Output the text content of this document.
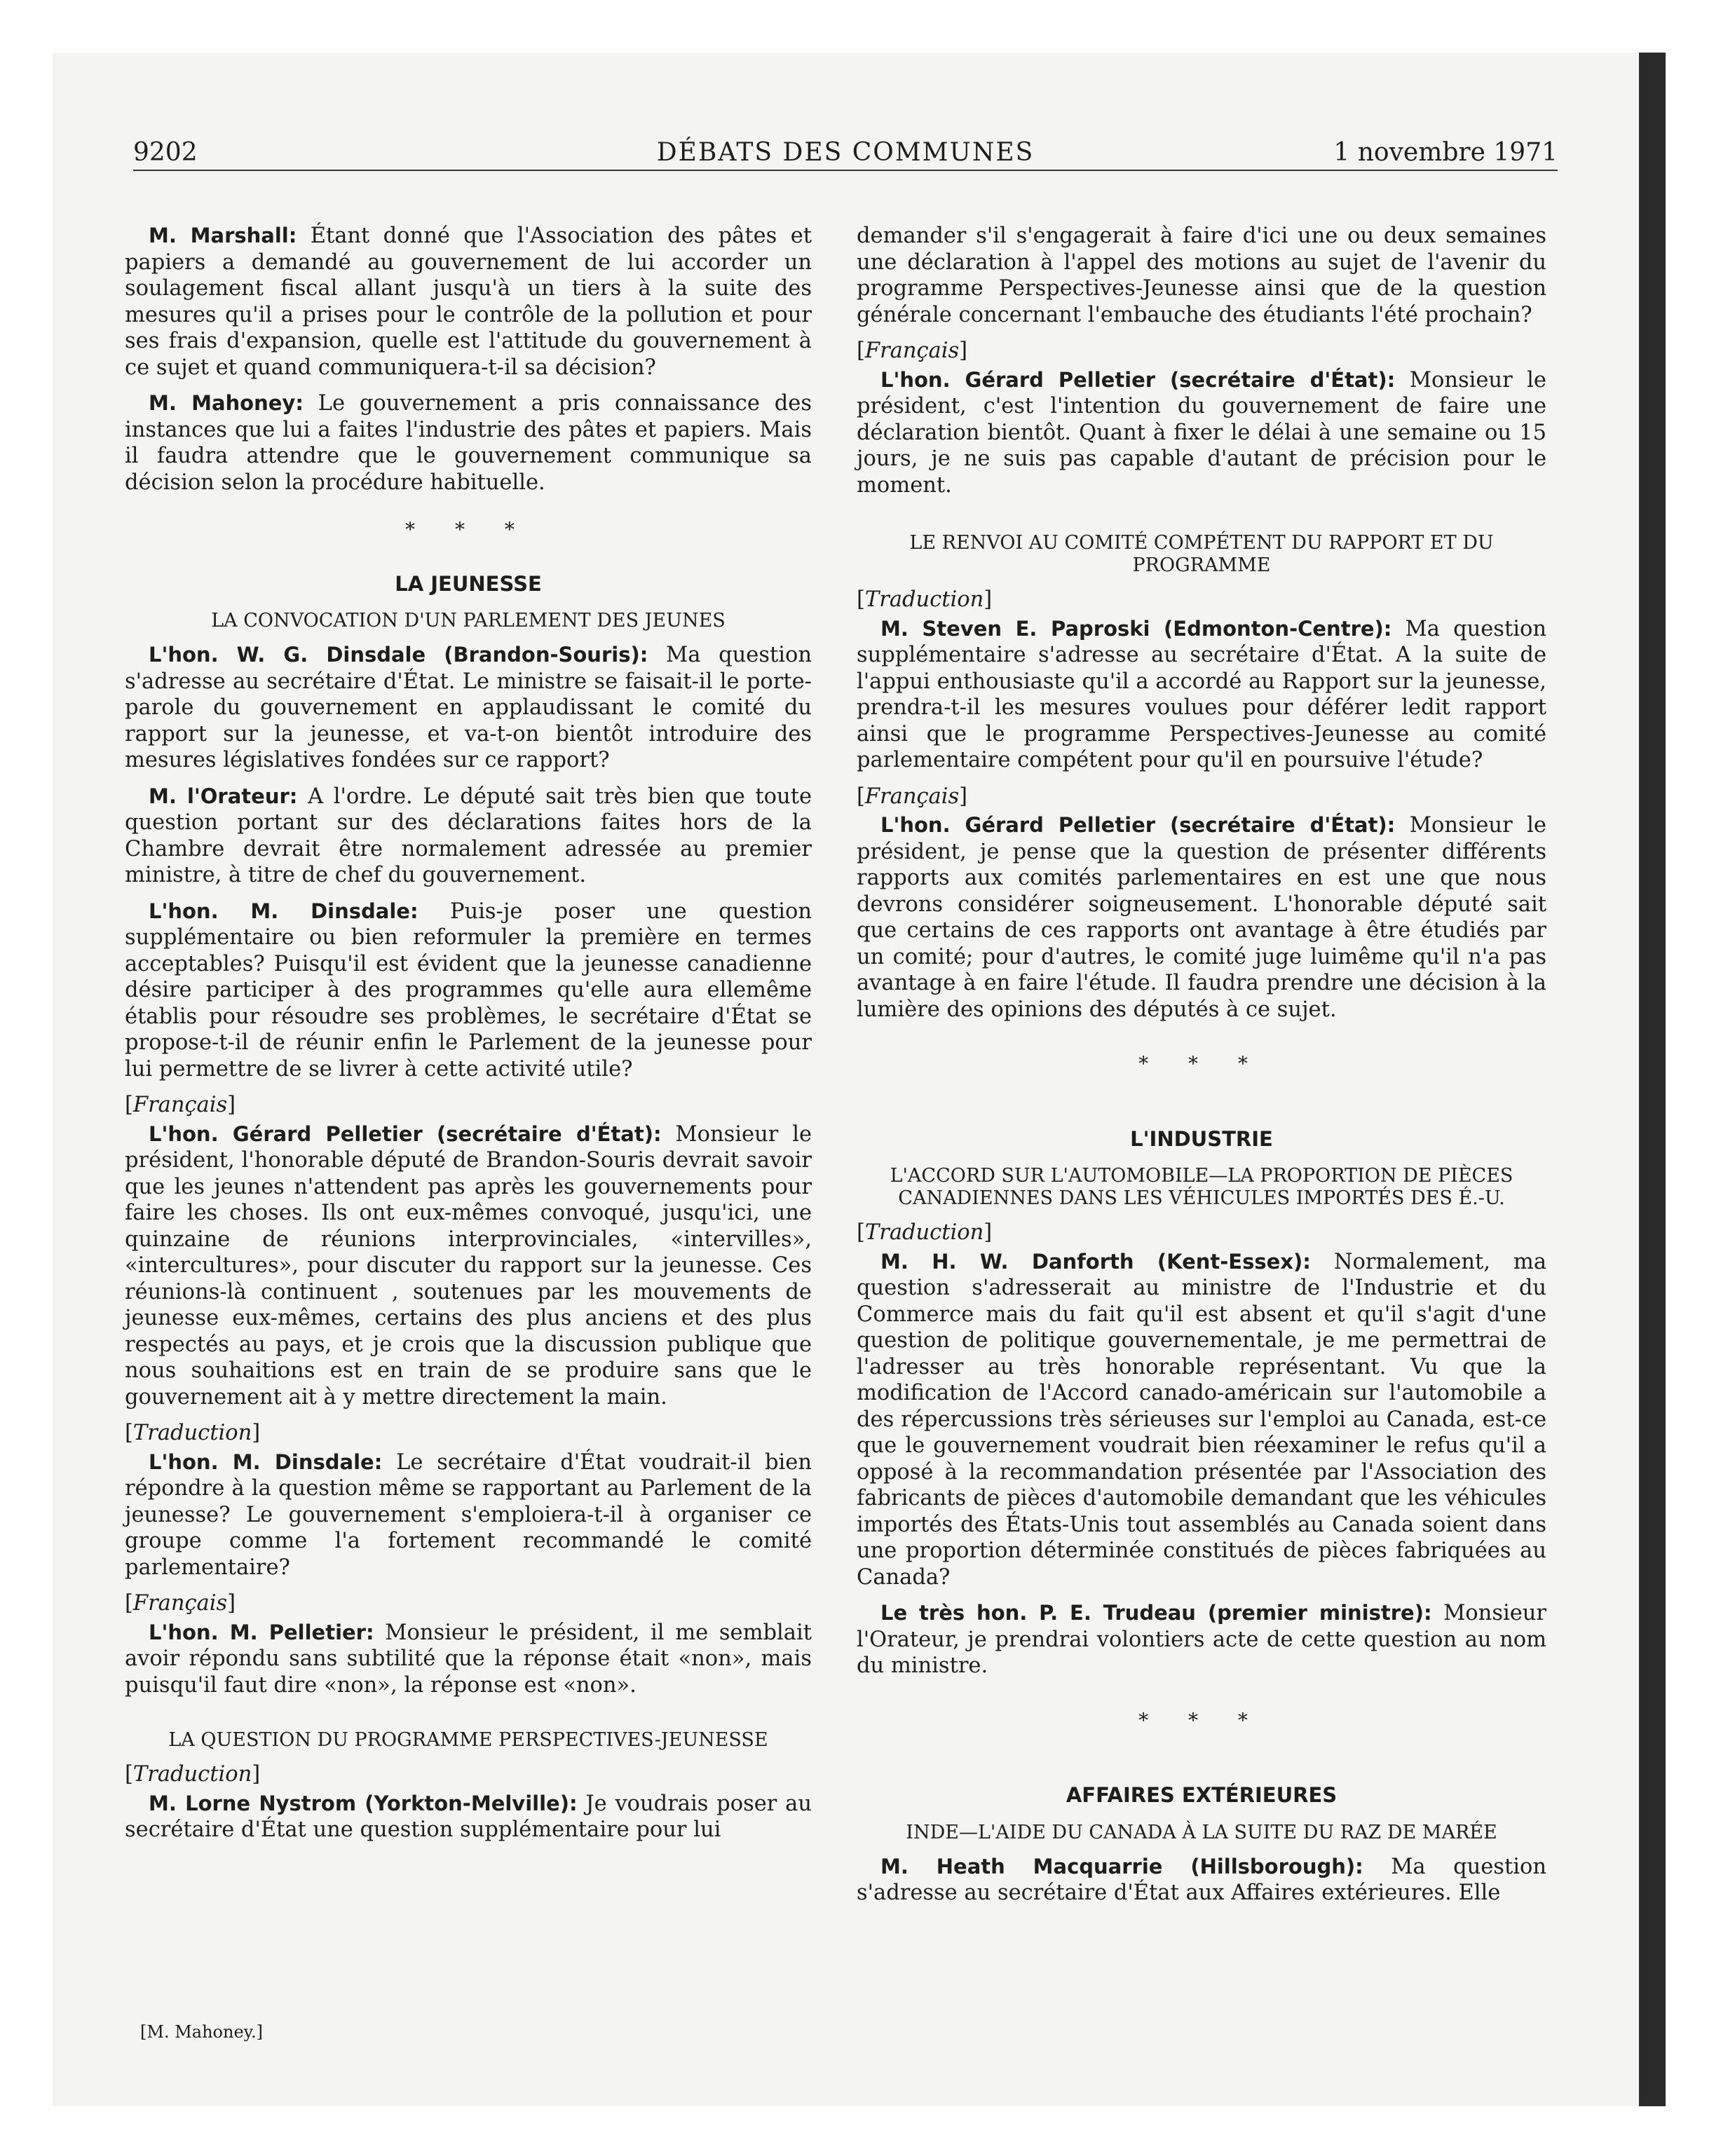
9202	DÉBATS DES COMMUNES	1 novembre 1971

M. Marshall: Étant donné que l'Association des pâtes et papiers a demandé au gouvernement de lui accorder un soulagement fiscal allant jusqu'à un tiers à la suite des mesures qu'il a prises pour le contrôle de la pollution et pour ses frais d'expansion, quelle est l'attitude du gouvernement à ce sujet et quand communiquera-t-il sa décision?

M. Mahoney: Le gouvernement a pris connaissance des instances que lui a faites l'industrie des pâtes et papiers. Mais il faudra attendre que le gouvernement communique sa décision selon la procédure habituelle.

* * *
LA JEUNESSE
LA CONVOCATION D'UN PARLEMENT DES JEUNES

L'hon. W. G. Dinsdale (Brandon-Souris): Ma question s'adresse au secrétaire d'État. Le ministre se faisait-il le porte-parole du gouvernement en applaudissant le comité du rapport sur la jeunesse, et va-t-on bientôt introduire des mesures législatives fondées sur ce rapport?

M. l'Orateur: A l'ordre. Le député sait très bien que toute question portant sur des déclarations faites hors de la Chambre devrait être normalement adressée au premier ministre, à titre de chef du gouvernement.

L'hon. M. Dinsdale: Puis-je poser une question supplémentaire ou bien reformuler la première en termes acceptables? Puisqu'il est évident que la jeunesse canadienne désire participer à des programmes qu'elle aura ellemême établis pour résoudre ses problèmes, le secrétaire d'État se propose-t-il de réunir enfin le Parlement de la jeunesse pour lui permettre de se livrer à cette activité utile?

[ Français ]

L'hon. Gérard Pelletier (secrétaire d'État): Monsieur le président, l'honorable député de Brandon-Souris devrait savoir que les jeunes n'attendent pas après les gouvernements pour faire les choses. Ils ont eux-mêmes convoqué, jusqu'ici, une quinzaine de réunions interprovinciales, «intervilles», «intercultures», pour discuter du rapport sur la jeunesse. Ces réunions-là continuent , soutenues par les mouvements de jeunesse eux-mêmes, certains des plus anciens et des plus respectés au pays, et je crois que la discussion publique que nous souhaitions est en train de se produire sans que le gouvernement ait à y mettre directement la main.

[ Traduction ]

L'hon. M. Dinsdale: Le secrétaire d'État voudrait-il bien répondre à la question même se rapportant au Parlement de la jeunesse? Le gouvernement s'emploiera-t-il à organiser ce groupe comme l'a fortement recommandé le comité parlementaire?

[ Français ]

L'hon. M. Pelletier: Monsieur le président, il me semblait avoir répondu sans subtilité que la réponse était «non», mais puisqu'il faut dire «non», la réponse est «non».

LA QUESTION DU PROGRAMME PERSPECTIVES-JEUNESSE
[ Traduction ]

M. Lorne Nystrom (Yorkton-Melville): Je voudrais poser au secrétaire d'État une question supplémentaire pour lui

demander s'il s'engagerait à faire d'ici une ou deux semaines une déclaration à l'appel des motions au sujet de l'avenir du programme Perspectives-Jeunesse ainsi que de la question générale concernant l'embauche des étudiants l'été prochain?

[ Français ]

L'hon. Gérard Pelletier (secrétaire d'État): Monsieur le président, c'est l'intention du gouvernement de faire une déclaration bientôt. Quant à fixer le délai à une semaine ou 15 jours, je ne suis pas capable d'autant de précision pour le moment.

LE RENVOI AU COMITÉ COMPÉTENT DU RAPPORT ET DU PROGRAMME
[ Traduction ]

M. Steven E. Paproski (Edmonton-Centre): Ma question supplémentaire s'adresse au secrétaire d'État. A la suite de l'appui enthousiaste qu'il a accordé au Rapport sur la jeunesse, prendra-t-il les mesures voulues pour déférer ledit rapport ainsi que le programme Perspectives-Jeunesse au comité parlementaire compétent pour qu'il en poursuive l'étude?

[ Français ]

L'hon. Gérard Pelletier (secrétaire d'État): Monsieur le président, je pense que la question de présenter différents rapports aux comités parlementaires en est une que nous devrons considérer soigneusement. L'honorable député sait que certains de ces rapports ont avantage à être étudiés par un comité; pour d'autres, le comité juge luimême qu'il n'a pas avantage à en faire l'étude. Il faudra prendre une décision à la lumière des opinions des députés à ce sujet.

* * *
L'INDUSTRIE
L'ACCORD SUR L'AUTOMOBILE—LA PROPORTION DE PIÈCES CANADIENNES DANS LES VÉHICULES IMPORTÉS DES É.-U.
[ Traduction ]

M. H. W. Danforth (Kent-Essex): Normalement, ma question s'adresserait au ministre de l'Industrie et du Commerce mais du fait qu'il est absent et qu'il s'agit d'une question de politique gouvernementale, je me permettrai de l'adresser au très honorable représentant. Vu que la modification de l'Accord canado-américain sur l'automobile a des répercussions très sérieuses sur l'emploi au Canada, est-ce que le gouvernement voudrait bien réexaminer le refus qu'il a opposé à la recommandation présentée par l'Association des fabricants de pièces d'automobile demandant que les véhicules importés des États-Unis tout assemblés au Canada soient dans une proportion déterminée constitués de pièces fabriquées au Canada?

Le très hon. P. E. Trudeau (premier ministre): Monsieur l'Orateur, je prendrai volontiers acte de cette question au nom du ministre.

* * *
AFFAIRES EXTÉRIEURES
INDE—L'AIDE DU CANADA À LA SUITE DU RAZ DE MARÉE

M. Heath Macquarrie (Hillsborough): Ma question s'adresse au secrétaire d'État aux Affaires extérieures. Elle

[M. Mahoney.]
